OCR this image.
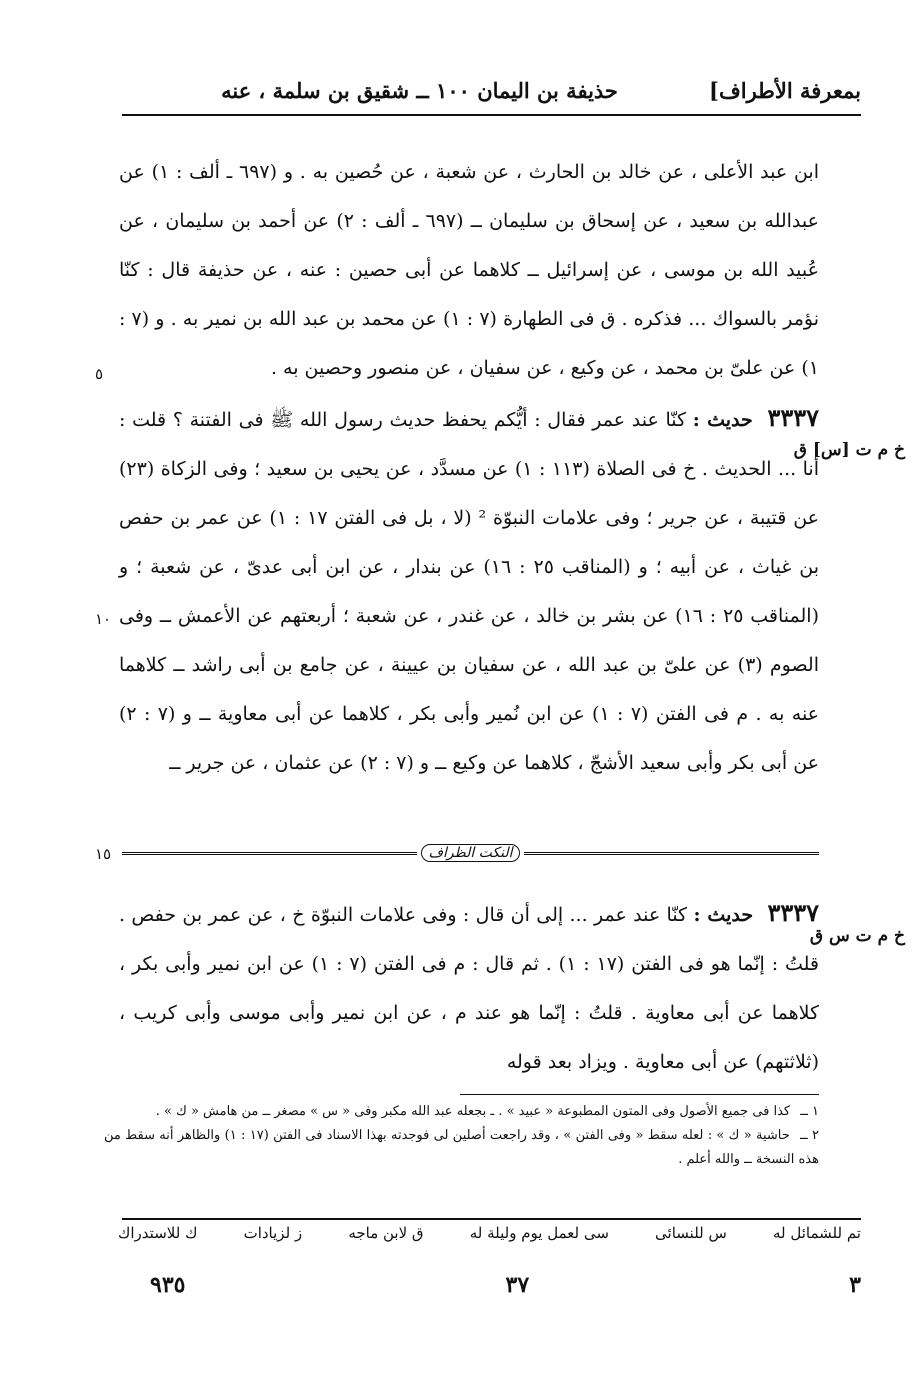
بمعرفة الأطراف]
حذيفة بن اليمان ١٠٠ ــ شقيق بن سلمة ، عنه

ابن عبد الأعلى ، عن خالد بن الحارث ، عن شعبة ، عن حُصين به . و (٦٩٧ ـ ألف : ١) عن عبدالله بن سعيد ، عن إسحاق بن سليمان ــ (٦٩٧ ـ ألف : ٢) عن أحمد بن سليمان ، عن عُبيد الله بن موسى ، عن إسرائيل ــ كلاهما عن أبى حصين : عنه ، عن حذيفة قال : كنّا نؤمر بالسواك ... فذكره . ق فى الطهارة (٧ : ١) عن محمد بن عبد الله بن نمير به . و (٧ : ١) عن علىّ بن محمد ، عن وكيع ، عن سفيان ، عن منصور وحصين به .

٣٣٣٧ حديث : كنّا عند عمر فقال : أيُّكم يحفظ حديث رسول الله ﷺ فى الفتنة ؟ قلت : أنا ... الحديث . خ فى الصلاة (١١٣ : ١) عن مسدَّد ، عن يحيى بن سعيد ؛ وفى الزكاة (٢٣) عن قتيبة ، عن جرير ؛ وفى علامات النبوّة ² (لا ، بل فى الفتن ١٧ : ١) عن عمر بن حفص بن غياث ، عن أبيه ؛ و (المناقب ٢٥ : ١٦) عن بندار ، عن ابن أبى عدىّ ، عن شعبة ؛ و (المناقب ٢٥ : ١٦) عن بشر بن خالد ، عن غندر ، عن شعبة ؛ أربعتهم عن الأعمش ــ وفى الصوم (٣) عن علىّ بن عبد الله ، عن سفيان بن عيينة ، عن جامع بن أبى راشد ــ كلاهما عنه به . م فى الفتن (٧ : ١) عن ابن نُمير وأبى بكر ، كلاهما عن أبى معاوية ــ و (٧ : ٢) عن أبى بكر وأبى سعيد الأشجّ ، كلاهما عن وكيع ــ و (٧ : ٢) عن عثمان ، عن جرير ــ

٥
١٠
١٥
خ م ت [س] ق
خ م ت س ق
النكت الظراف

٣٣٣٧ حديث : كنّا عند عمر ... إلى أن قال : وفى علامات النبوّة خ ، عن عمر بن حفص . قلتُ : إنّما هو فى الفتن (١٧ : ١) . ثم قال : م فى الفتن (٧ : ١) عن ابن نمير وأبى بكر ، كلاهما عن أبى معاوية . قلتُ : إنّما هو عند م ، عن ابن نمير وأبى موسى وأبى كريب ، (ثلاثتهم) عن أبى معاوية . ويزاد بعد قوله

١ ــ كذا فى جميع الأصول وفى المتون المطبوعة « عبيد » . ـ بجعله عبد الله مكبر وفى « س » مصغر ــ من هامش « ك » .

٢ ــ حاشية « ك » : لعله سقط « وفى الفتن » ، وقد راجعت أصلين لى فوجدته بهذا الاسناد فى الفتن (١٧ : ١) والظاهر أنه سقط من هذه النسخة ــ والله أعلم .

تم للشمائل له
س للنسائى
سى لعمل يوم وليلة له
ق لابن ماجه
ز لزيادات
ك للاستدراك
٣
٣٧
٩٣٥
